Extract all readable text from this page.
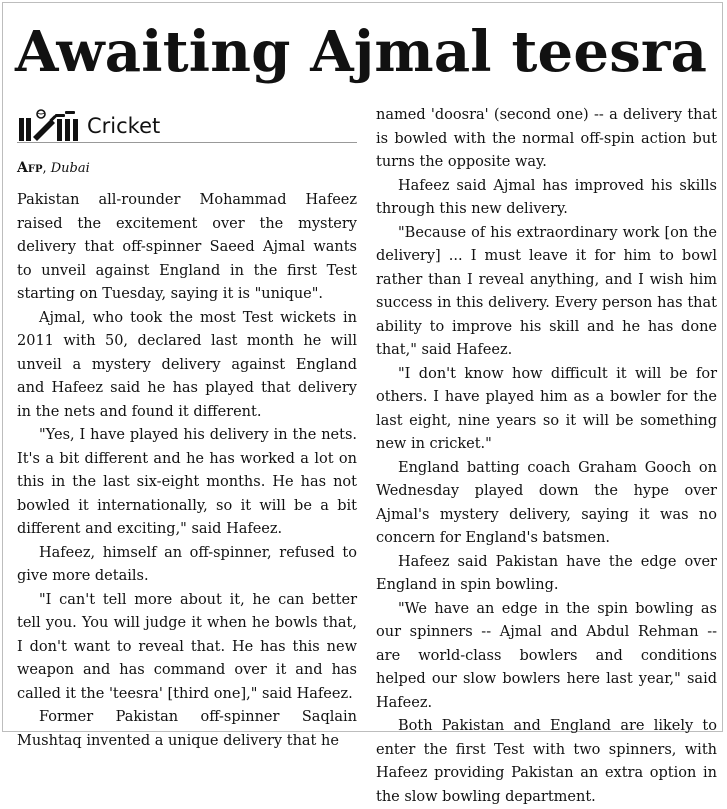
Awaiting Ajmal teesra
Cricket
Afp, Dubai

Pakistan all-rounder Mohammad Hafeez raised the excitement over the mystery delivery that off-spinner Saeed Ajmal wants to unveil against England in the first Test starting on Tuesday, saying it is "unique".

Ajmal, who took the most Test wickets in 2011 with 50, declared last month he will unveil a mystery delivery against England and Hafeez said he has played that delivery in the nets and found it different.

"Yes, I have played his delivery in the nets. It's a bit different and he has worked a lot on this in the last six-eight months. He has not bowled it internationally, so it will be a bit different and exciting," said Hafeez.

Hafeez, himself an off-spinner, refused to give more details.

"I can't tell more about it, he can better tell you. You will judge it when he bowls that, I don't want to reveal that. He has this new weapon and has command over it and has called it the 'teesra' [third one]," said Hafeez.

Former Pakistan off-spinner Saqlain Mushtaq invented a unique delivery that he

named 'doosra' (second one) -- a delivery that is bowled with the normal off-spin action but turns the opposite way.

Hafeez said Ajmal has improved his skills through this new delivery.

"Because of his extraordinary work [on the delivery] ... I must leave it for him to bowl rather than I reveal anything, and I wish him success in this delivery. Every person has that ability to improve his skill and he has done that," said Hafeez.

"I don't know how difficult it will be for others. I have played him as a bowler for the last eight, nine years so it will be something new in cricket."

England batting coach Graham Gooch on Wednesday played down the hype over Ajmal's mystery delivery, saying it was no concern for England's batsmen.

Hafeez said Pakistan have the edge over England in spin bowling.

"We have an edge in the spin bowling as our spinners -- Ajmal and Abdul Rehman -- are world-class bowlers and conditions helped our slow bowlers here last year," said Hafeez.

Both Pakistan and England are likely to enter the first Test with two spinners, with Hafeez providing Pakistan an extra option in the slow bowling department.
